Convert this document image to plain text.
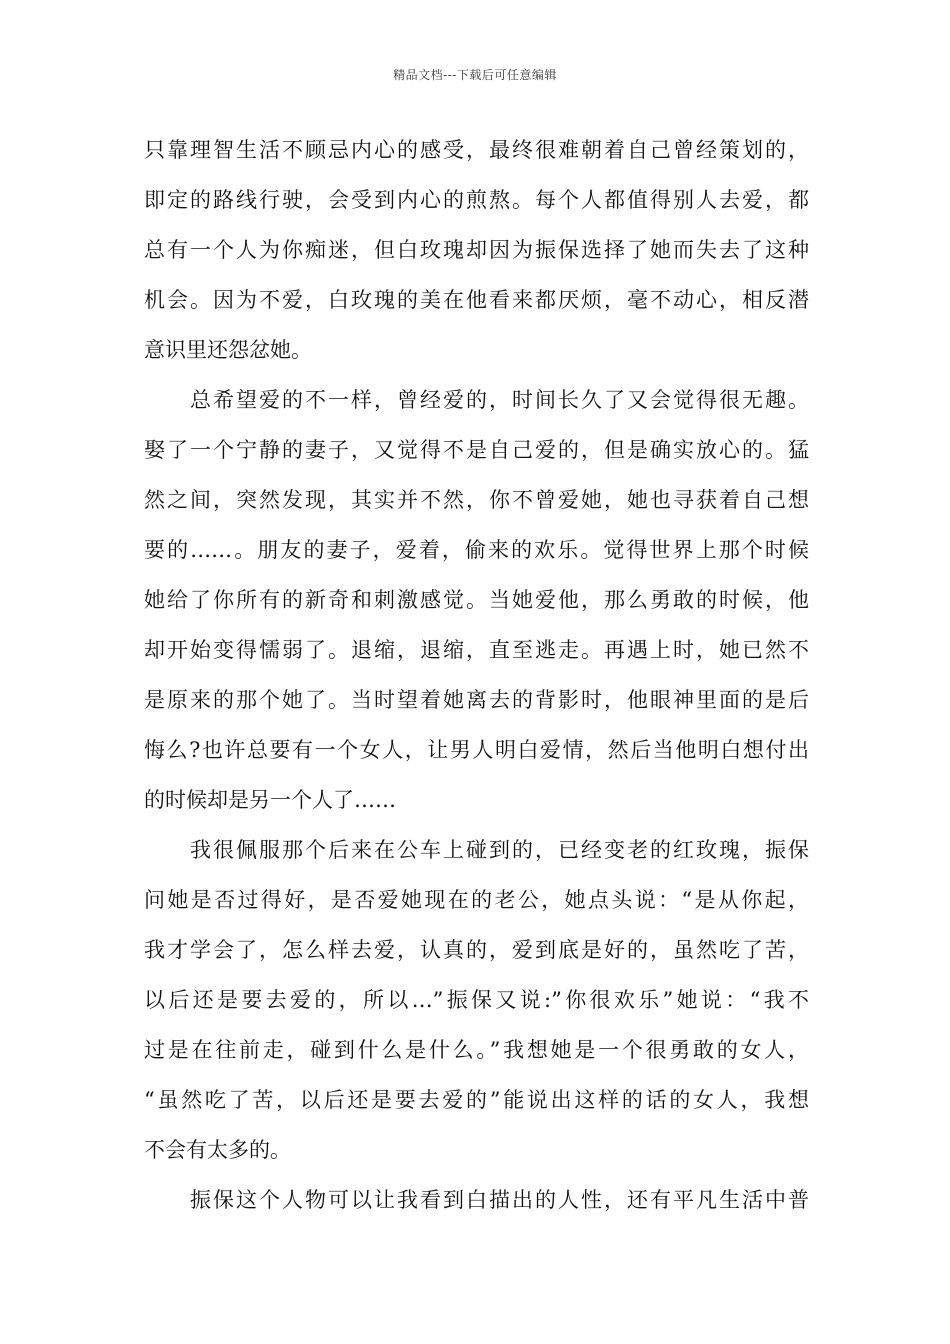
精品文档---下载后可任意编辑
只靠理智生活不顾忌内心的感受，最终很难朝着自己曾经策划的，
即定的路线行驶，会受到内心的煎熬。每个人都值得别人去爱，都
总有一个人为你痴迷，但白玫瑰却因为振保选择了她而失去了这种
机会。因为不爱，白玫瑰的美在他看来都厌烦，毫不动心，相反潜
意识里还怨忿她。
总希望爱的不一样，曾经爱的，时间长久了又会觉得很无趣。
娶了一个宁静的妻子，又觉得不是自己爱的，但是确实放心的。猛
然之间，突然发现，其实并不然，你不曾爱她，她也寻获着自己想
要的……。朋友的妻子，爱着，偷来的欢乐。觉得世界上那个时候
她给了你所有的新奇和刺激感觉。当她爱他，那么勇敢的时候，他
却开始变得懦弱了。退缩，退缩，直至逃走。再遇上时，她已然不
是原来的那个她了。当时望着她离去的背影时，他眼神里面的是后
悔么?也许总要有一个女人，让男人明白爱情，然后当他明白想付出
的时候却是另一个人了……
我很佩服那个后来在公车上碰到的，已经变老的红玫瑰，振保
问她是否过得好，是否爱她现在的老公，她点头说：“是从你起，
我才学会了，怎么样去爱，认真的，爱到底是好的，虽然吃了苦，
以后还是要去爱的，所以…”振保又说:”你很欢乐”她说：“我不
过是在往前走，碰到什么是什么。”我想她是一个很勇敢的女人，
“虽然吃了苦，以后还是要去爱的”能说出这样的话的女人，我想
不会有太多的。
振保这个人物可以让我看到白描出的人性，还有平凡生活中普
